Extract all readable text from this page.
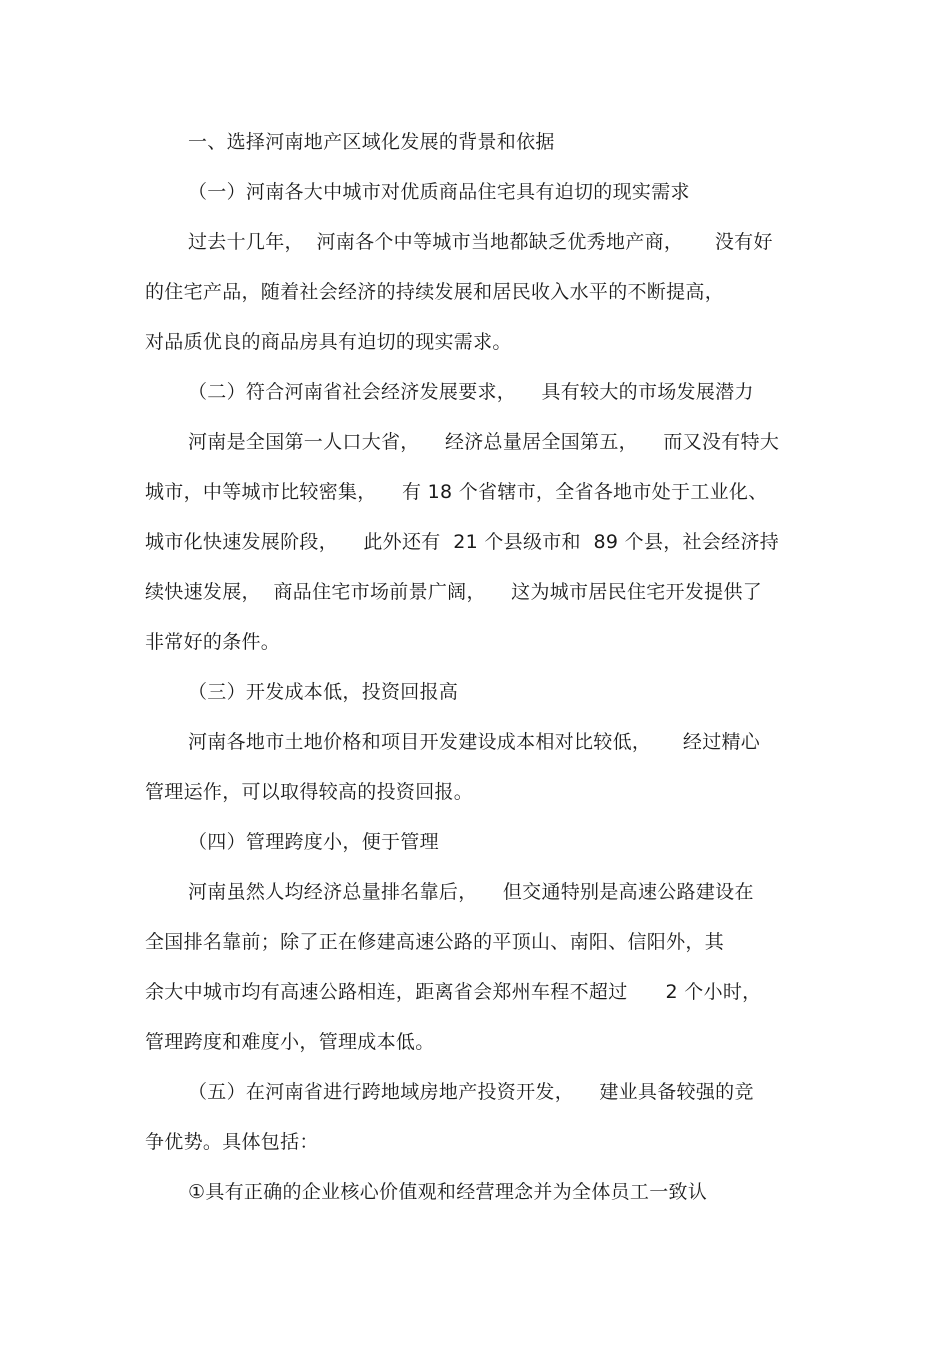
一、选择河南地产区域化发展的背景和依据
（一）河南各大中城市对优质商品住宅具有迫切的现实需求
过去十几年，  河南各个中等城市当地都缺乏优秀地产商，     没有好
的住宅产品，随着社会经济的持续发展和居民收入水平的不断提高，
对品质优良的商品房具有迫切的现实需求。
（二）符合河南省社会经济发展要求，    具有较大的市场发展潜力
河南是全国第一人口大省，    经济总量居全国第五，    而又没有特大
城市，中等城市比较密集，    有 18 个省辖市，全省各地市处于工业化、
城市化快速发展阶段，    此外还有  21 个县级市和  89 个县，社会经济持
续快速发展，  商品住宅市场前景广阔，    这为城市居民住宅开发提供了
非常好的条件。
（三）开发成本低，投资回报高
河南各地市土地价格和项目开发建设成本相对比较低，     经过精心
管理运作，可以取得较高的投资回报。
（四）管理跨度小，便于管理
河南虽然人均经济总量排名靠后，    但交通特别是高速公路建设在
全国排名靠前；除了正在修建高速公路的平顶山、南阳、信阳外，其
余大中城市均有高速公路相连，距离省会郑州车程不超过      2 个小时，
管理跨度和难度小，管理成本低。
（五）在河南省进行跨地域房地产投资开发，    建业具备较强的竞
争优势。具体包括：
①具有正确的企业核心价值观和经营理念并为全体员工一致认
